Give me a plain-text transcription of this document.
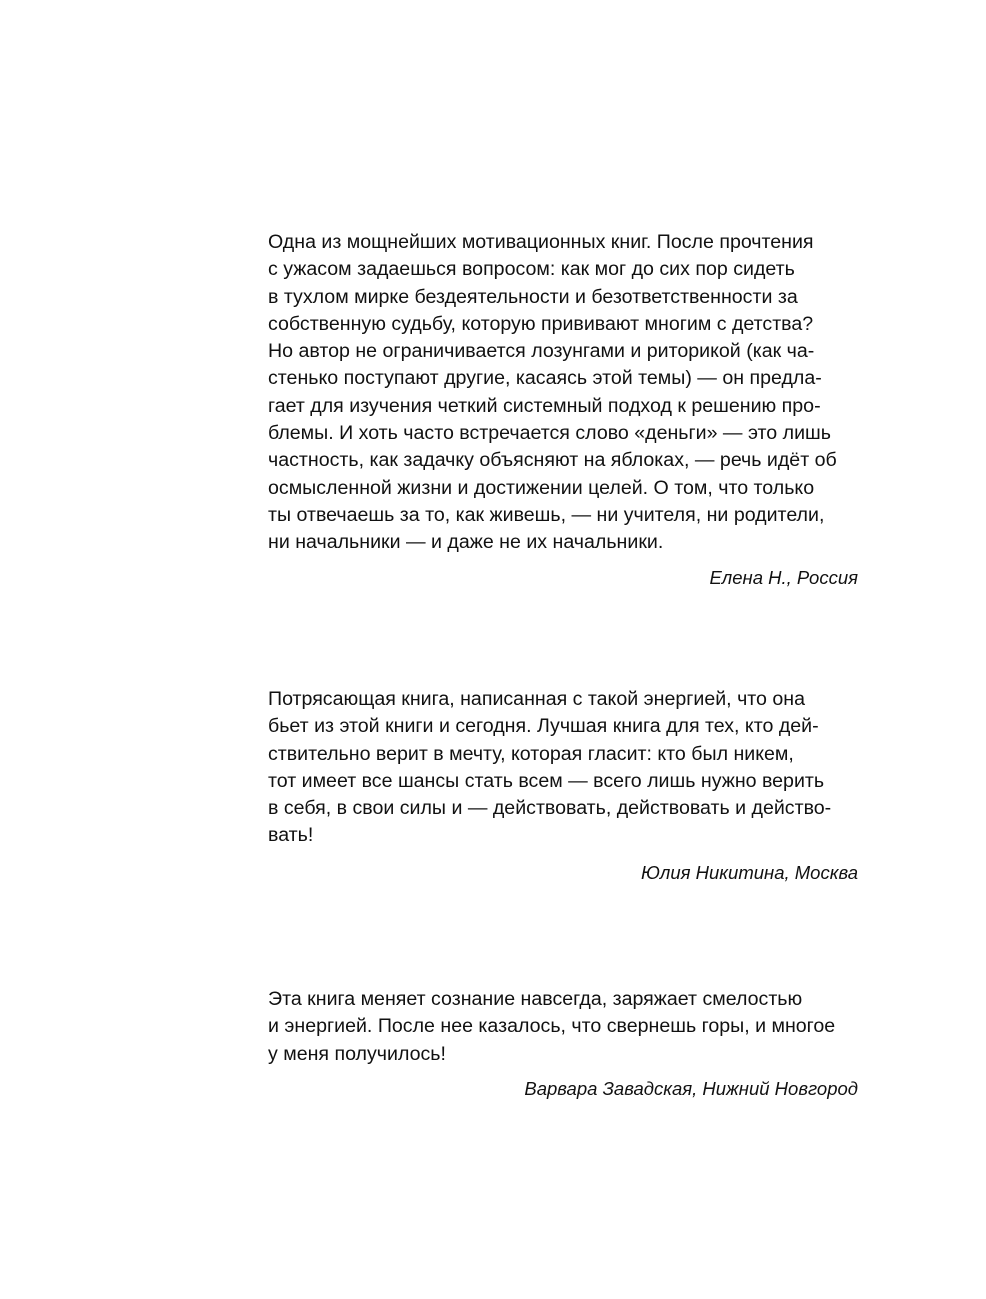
Одна из мощнейших мотивационных книг. После прочтения
с ужасом задаешься вопросом: как мог до сих пор сидеть
в тухлом мирке бездеятельности и безответственности за
собственную судьбу, которую прививают многим с детства?
Но автор не ограничивается лозунгами и риторикой (как ча-
стенько поступают другие, касаясь этой темы) — он предла-
гает для изучения четкий системный подход к решению про-
блемы. И хоть часто встречается слово «деньги» — это лишь
частность, как задачку объясняют на яблоках, — речь идёт об
осмысленной жизни и достижении целей. О том, что только
ты отвечаешь за то, как живешь, — ни учителя, ни родители,
ни начальники — и даже не их начальники.

Елена Н., Россия

Потрясающая книга, написанная с такой энергией, что она
бьет из этой книги и сегодня. Лучшая книга для тех, кто дей-
ствительно верит в мечту, которая гласит: кто был никем,
тот имеет все шансы стать всем — всего лишь нужно верить
в себя, в свои силы и — действовать, действовать и действо-
вать!

Юлия Никитина, Москва

Эта книга меняет сознание навсегда, заряжает смелостью
и энергией. После нее казалось, что свернешь горы, и многое
у меня получилось!

Варвара Завадская, Нижний Новгород
